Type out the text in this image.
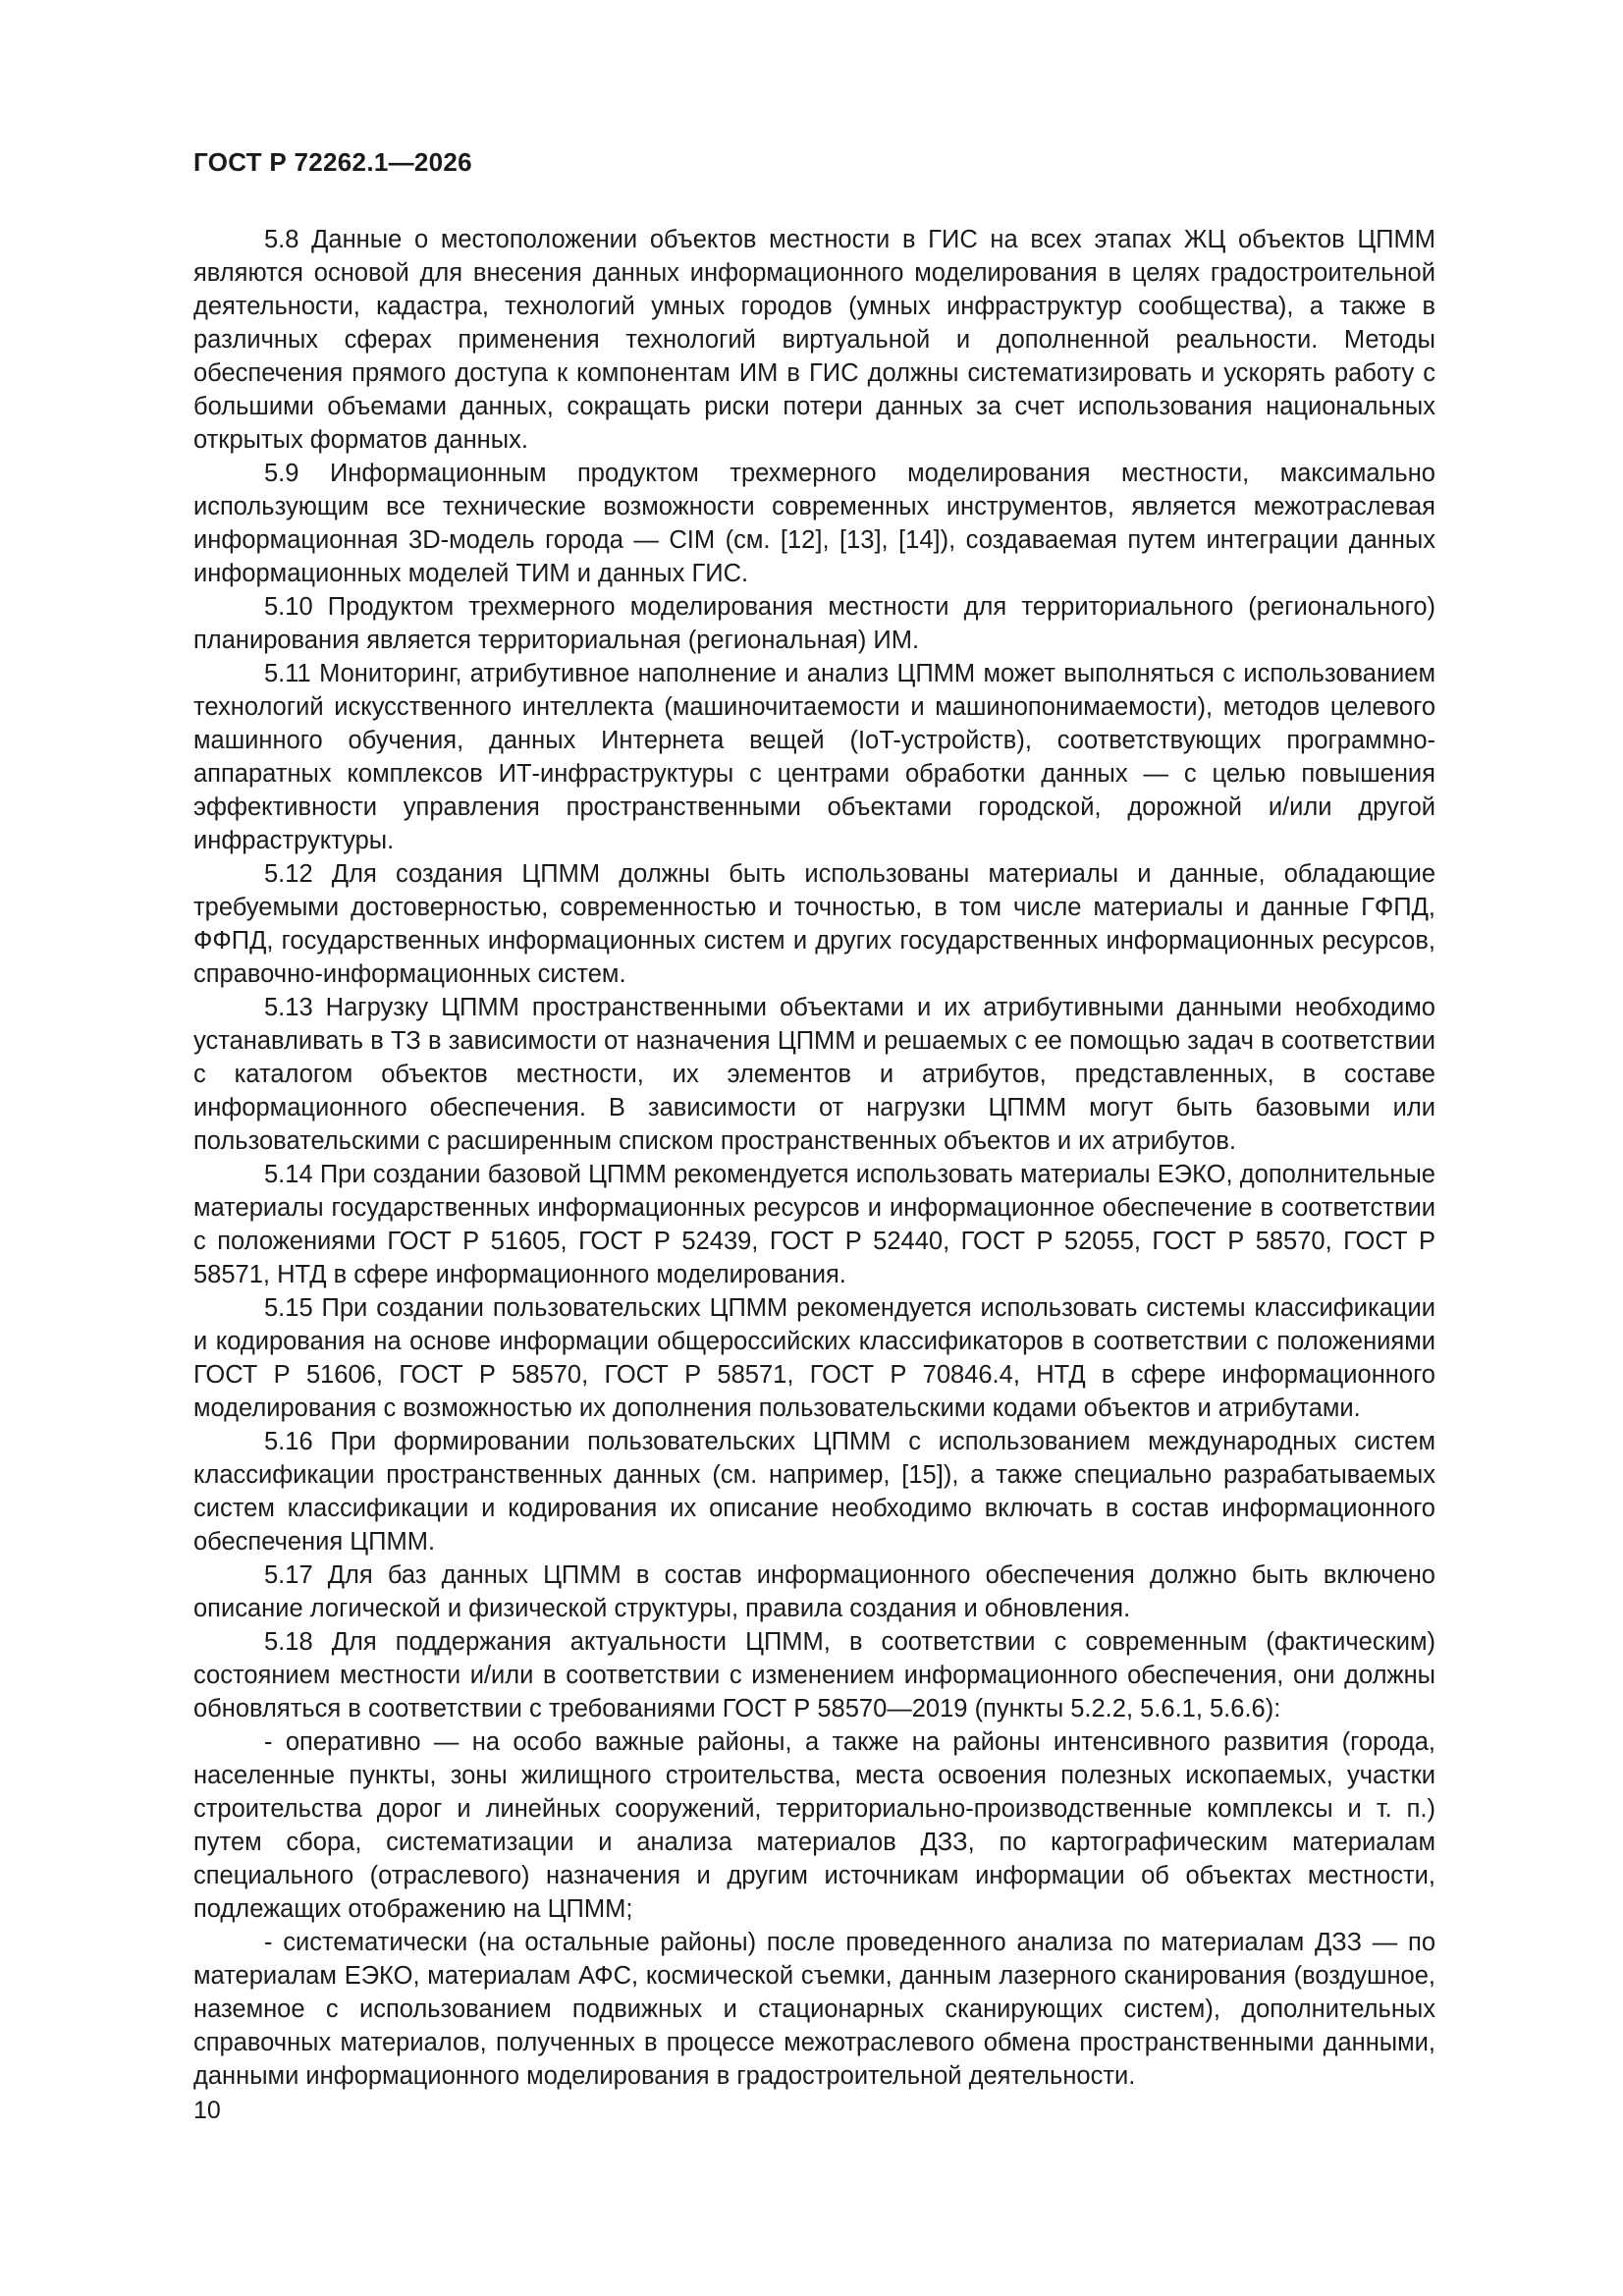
ГОСТ Р 72262.1—2026

5.8 Данные о местоположении объектов местности в ГИС на всех этапах ЖЦ объектов ЦПММ являются основой для внесения данных информационного моделирования в целях градостроительной деятельности, кадастра, технологий умных городов (умных инфраструктур сообщества), а также в различных сферах применения технологий виртуальной и дополненной реальности. Методы обеспечения прямого доступа к компонентам ИМ в ГИС должны систематизировать и ускорять работу с большими объемами данных, сокращать риски потери данных за счет использования национальных открытых форматов данных.

5.9 Информационным продуктом трехмерного моделирования местности, максимально использующим все технические возможности современных инструментов, является межотраслевая информационная 3D-модель города — CIM (см. [12], [13], [14]), создаваемая путем интеграции данных информационных моделей ТИМ и данных ГИС.

5.10 Продуктом трехмерного моделирования местности для территориального (регионального) планирования является территориальная (региональная) ИМ.

5.11 Мониторинг, атрибутивное наполнение и анализ ЦПММ может выполняться с использованием технологий искусственного интеллекта (машиночитаемости и машинопонимаемости), методов целевого машинного обучения, данных Интернета вещей (IoT-устройств), соответствующих программно-аппаратных комплексов ИТ-инфраструктуры с центрами обработки данных — с целью повышения эффективности управления пространственными объектами городской, дорожной и/или другой инфраструктуры.

5.12 Для создания ЦПММ должны быть использованы материалы и данные, обладающие требуемыми достоверностью, современностью и точностью, в том числе материалы и данные ГФПД, ФФПД, государственных информационных систем и других государственных информационных ресурсов, справочно-информационных систем.

5.13 Нагрузку ЦПММ пространственными объектами и их атрибутивными данными необходимо устанавливать в ТЗ в зависимости от назначения ЦПММ и решаемых с ее помощью задач в соответствии с каталогом объектов местности, их элементов и атрибутов, представленных, в составе информационного обеспечения. В зависимости от нагрузки ЦПММ могут быть базовыми или пользовательскими с расширенным списком пространственных объектов и их атрибутов.

5.14 При создании базовой ЦПММ рекомендуется использовать материалы ЕЭКО, дополнительные материалы государственных информационных ресурсов и информационное обеспечение в соответствии с положениями ГОСТ Р 51605, ГОСТ Р 52439, ГОСТ Р 52440, ГОСТ Р 52055, ГОСТ Р 58570, ГОСТ Р 58571, НТД в сфере информационного моделирования.

5.15 При создании пользовательских ЦПММ рекомендуется использовать системы классификации и кодирования на основе информации общероссийских классификаторов в соответствии с положениями ГОСТ Р 51606, ГОСТ Р 58570, ГОСТ Р 58571, ГОСТ Р 70846.4, НТД в сфере информационного моделирования с возможностью их дополнения пользовательскими кодами объектов и атрибутами.

5.16 При формировании пользовательских ЦПММ с использованием международных систем классификации пространственных данных (см. например, [15]), а также специально разрабатываемых систем классификации и кодирования их описание необходимо включать в состав информационного обеспечения ЦПММ.

5.17 Для баз данных ЦПММ в состав информационного обеспечения должно быть включено описание логической и физической структуры, правила создания и обновления.

5.18 Для поддержания актуальности ЦПММ, в соответствии с современным (фактическим) состоянием местности и/или в соответствии с изменением информационного обеспечения, они должны обновляться в соответствии с требованиями ГОСТ Р 58570—2019 (пункты 5.2.2, 5.6.1, 5.6.6):

- оперативно — на особо важные районы, а также на районы интенсивного развития (города, населенные пункты, зоны жилищного строительства, места освоения полезных ископаемых, участки строительства дорог и линейных сооружений, территориально-производственные комплексы и т. п.) путем сбора, систематизации и анализа материалов ДЗЗ, по картографическим материалам специального (отраслевого) назначения и другим источникам информации об объектах местности, подлежащих отображению на ЦПММ;

- систематически (на остальные районы) после проведенного анализа по материалам ДЗЗ — по материалам ЕЭКО, материалам АФС, космической съемки, данным лазерного сканирования (воздушное, наземное с использованием подвижных и стационарных сканирующих систем), дополнительных справочных материалов, полученных в процессе межотраслевого обмена пространственными данными, данными информационного моделирования в градостроительной деятельности.

10
